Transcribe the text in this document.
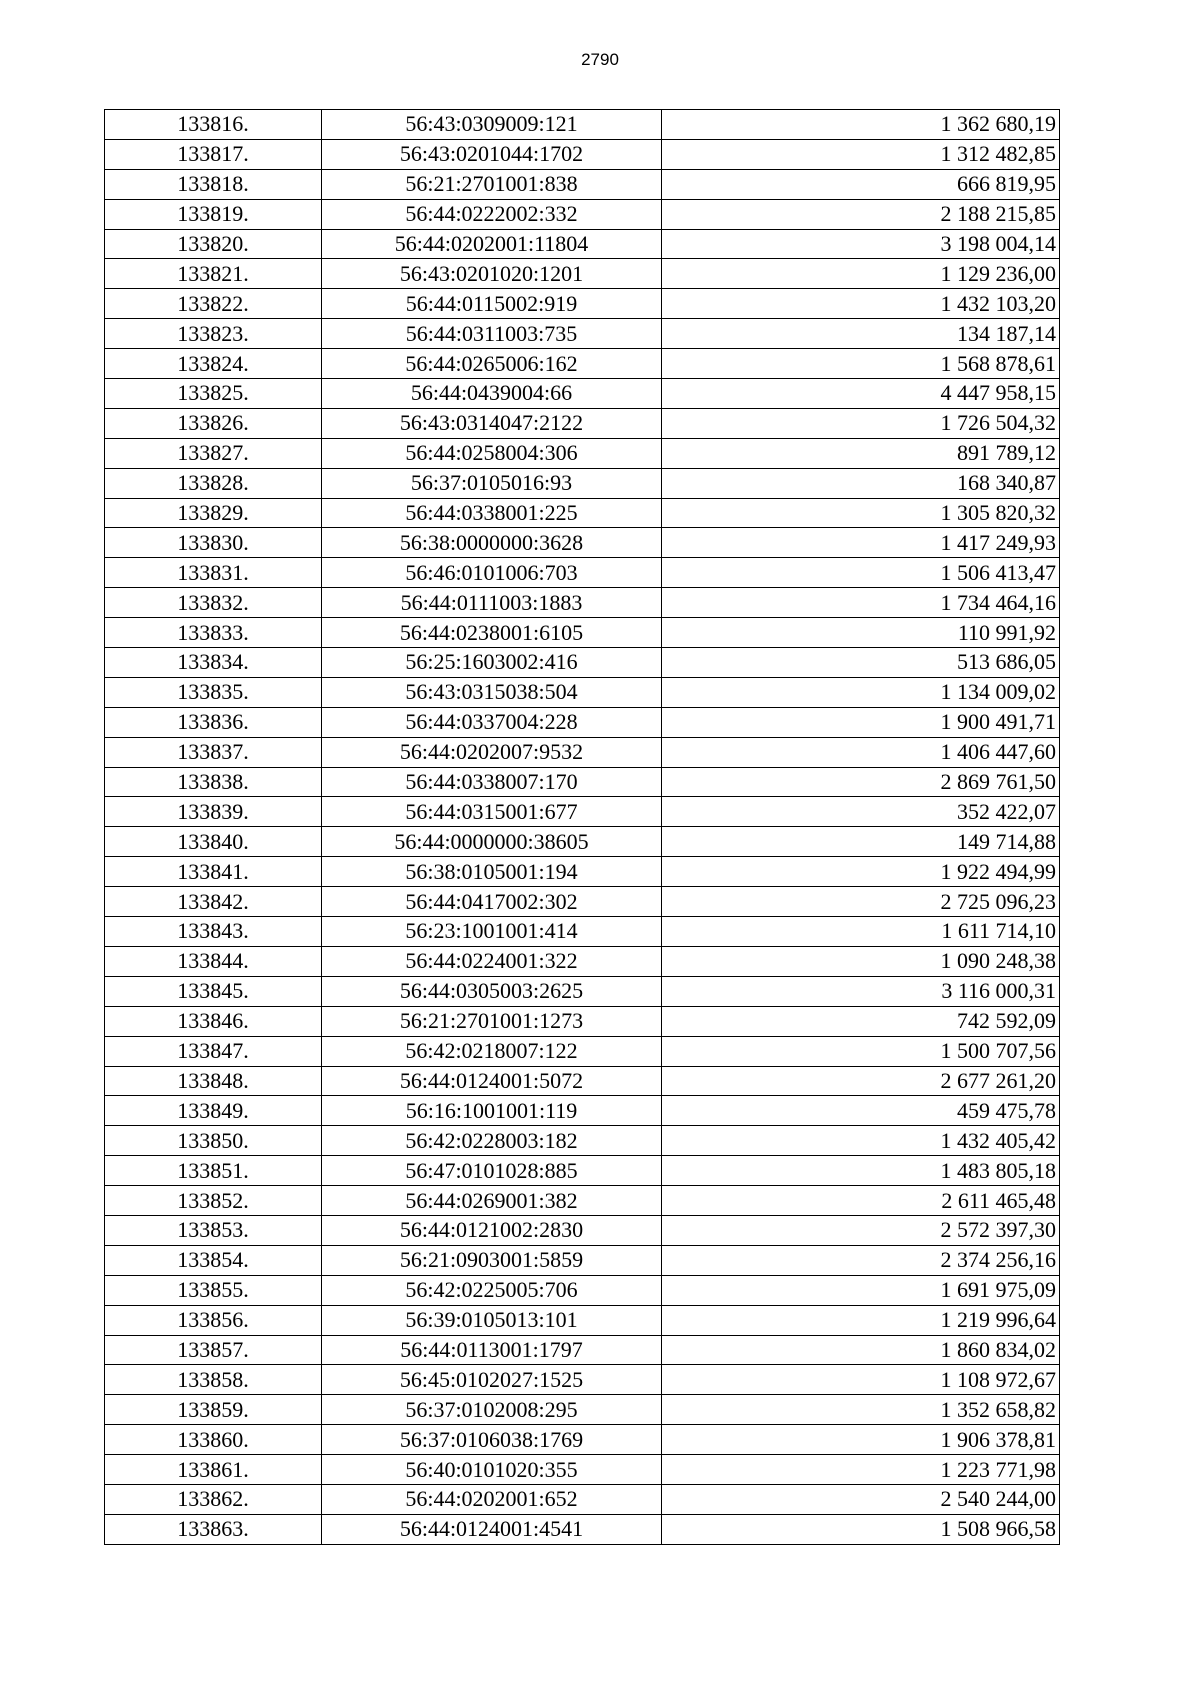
2790
133816.	56:43:0309009:121	1 362 680,19
133817.	56:43:0201044:1702	1 312 482,85
133818.	56:21:2701001:838	666 819,95
133819.	56:44:0222002:332	2 188 215,85
133820.	56:44:0202001:11804	3 198 004,14
133821.	56:43:0201020:1201	1 129 236,00
133822.	56:44:0115002:919	1 432 103,20
133823.	56:44:0311003:735	134 187,14
133824.	56:44:0265006:162	1 568 878,61
133825.	56:44:0439004:66	4 447 958,15
133826.	56:43:0314047:2122	1 726 504,32
133827.	56:44:0258004:306	891 789,12
133828.	56:37:0105016:93	168 340,87
133829.	56:44:0338001:225	1 305 820,32
133830.	56:38:0000000:3628	1 417 249,93
133831.	56:46:0101006:703	1 506 413,47
133832.	56:44:0111003:1883	1 734 464,16
133833.	56:44:0238001:6105	110 991,92
133834.	56:25:1603002:416	513 686,05
133835.	56:43:0315038:504	1 134 009,02
133836.	56:44:0337004:228	1 900 491,71
133837.	56:44:0202007:9532	1 406 447,60
133838.	56:44:0338007:170	2 869 761,50
133839.	56:44:0315001:677	352 422,07
133840.	56:44:0000000:38605	149 714,88
133841.	56:38:0105001:194	1 922 494,99
133842.	56:44:0417002:302	2 725 096,23
133843.	56:23:1001001:414	1 611 714,10
133844.	56:44:0224001:322	1 090 248,38
133845.	56:44:0305003:2625	3 116 000,31
133846.	56:21:2701001:1273	742 592,09
133847.	56:42:0218007:122	1 500 707,56
133848.	56:44:0124001:5072	2 677 261,20
133849.	56:16:1001001:119	459 475,78
133850.	56:42:0228003:182	1 432 405,42
133851.	56:47:0101028:885	1 483 805,18
133852.	56:44:0269001:382	2 611 465,48
133853.	56:44:0121002:2830	2 572 397,30
133854.	56:21:0903001:5859	2 374 256,16
133855.	56:42:0225005:706	1 691 975,09
133856.	56:39:0105013:101	1 219 996,64
133857.	56:44:0113001:1797	1 860 834,02
133858.	56:45:0102027:1525	1 108 972,67
133859.	56:37:0102008:295	1 352 658,82
133860.	56:37:0106038:1769	1 906 378,81
133861.	56:40:0101020:355	1 223 771,98
133862.	56:44:0202001:652	2 540 244,00
133863.	56:44:0124001:4541	1 508 966,58
